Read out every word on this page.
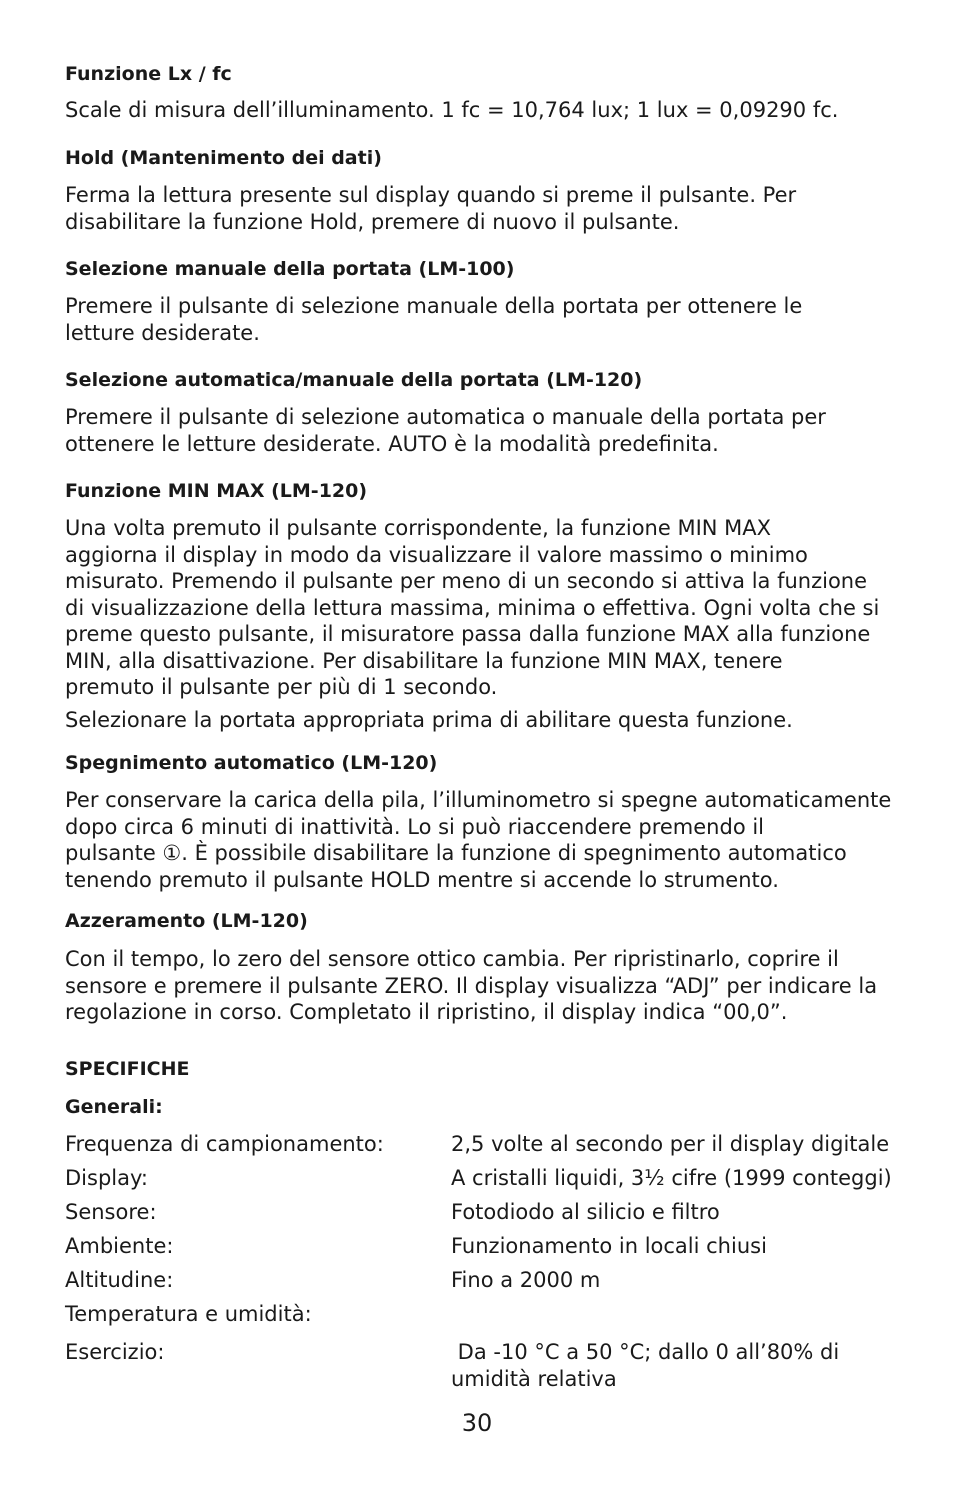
Funzione Lx / fc

Scale di misura dell’illuminamento. 1 fc = 10,764 lux; 1 lux = 0,09290 fc.

Hold (Mantenimento dei dati)

Ferma la lettura presente sul display quando si preme il pulsante. Per

disabilitare la funzione Hold, premere di nuovo il pulsante.

Selezione manuale della portata (LM-100)

Premere il pulsante di selezione manuale della portata per ottenere le

letture desiderate.

Selezione automatica/manuale della portata (LM-120)

Premere il pulsante di selezione automatica o manuale della portata per

ottenere le letture desiderate. AUTO è la modalità predefinita.

Funzione MIN MAX (LM-120)

Una volta premuto il pulsante corrispondente, la funzione MIN MAX

aggiorna il display in modo da visualizzare il valore massimo o minimo

misurato. Premendo il pulsante per meno di un secondo si attiva la funzione

di visualizzazione della lettura massima, minima o effettiva. Ogni volta che si

preme questo pulsante, il misuratore passa dalla funzione MAX alla funzione

MIN, alla disattivazione. Per disabilitare la funzione MIN MAX, tenere

premuto il pulsante per più di 1 secondo.

Selezionare la portata appropriata prima di abilitare questa funzione.

Spegnimento automatico (LM-120)

Per conservare la carica della pila, l’illuminometro si spegne automaticamente

dopo circa 6 minuti di inattività. Lo si può riaccendere premendo il

pulsante ①. È possibile disabilitare la funzione di spegnimento automatico

tenendo premuto il pulsante HOLD mentre si accende lo strumento.

Azzeramento (LM-120)

Con il tempo, lo zero del sensore ottico cambia. Per ripristinarlo, coprire il

sensore e premere il pulsante ZERO. Il display visualizza “ADJ” per indicare la

regolazione in corso. Completato il ripristino, il display indica “00,0”.

SPECIFICHE
Generali:
Frequenza di campionamento:	2,5 volte al secondo per il display digitale
Display:	A cristalli liquidi, 3½ cifre (1999 conteggi)
Sensore:	Fotodiodo al silicio e filtro
Ambiente:	Funzionamento in locali chiusi
Altitudine:	Fino a 2000 m
Temperatura e umidità:
Esercizio:	Da -10 °C a 50 °C; dallo 0 all’80% di
umidità relativa
30
